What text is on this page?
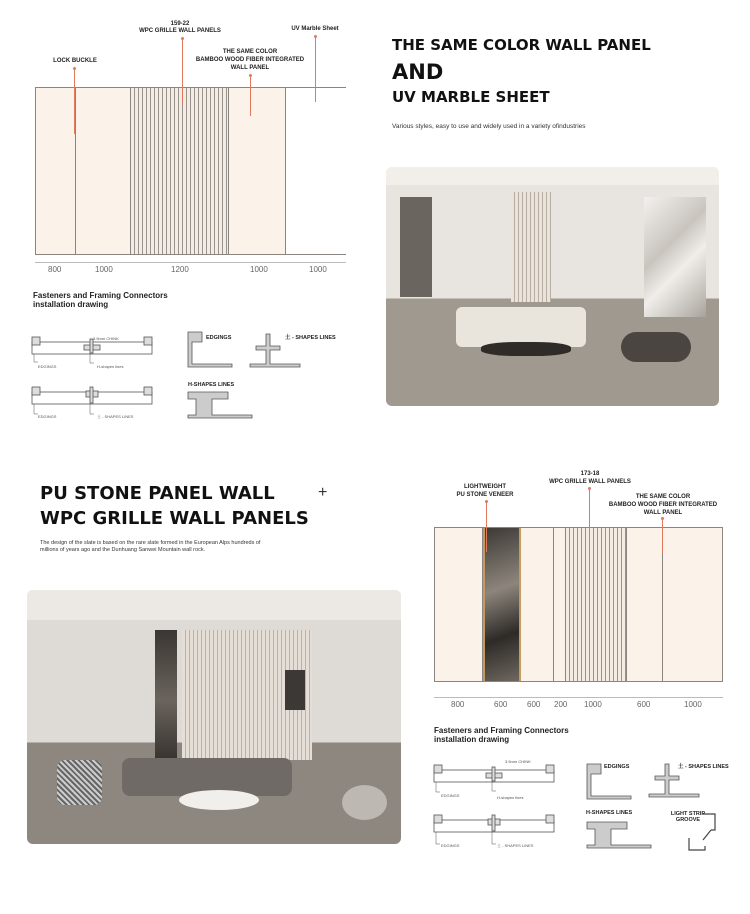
LOCK BUCKLE
159-22
WPC GRILLE WALL PANELS
THE SAME COLOR
BAMBOO WOOD FIBER INTEGRATED
WALL PANEL
UV Marble Sheet
800	1000	1200	1000	1000
Fasteners and Framing Connectors
installation drawing
3.5mm CHINK
EDGINGS	H-shapes lines
EDGINGS	土 - SHAPES LINES
EDGINGS	土 - SHAPES LINES
H-SHAPES LINES
THE SAME COLOR WALL PANEL
AND
UV MARBLE SHEET
Various styles, easy to use and widely used in a variety ofindustries
PU STONE PANEL WALL	+
WPC GRILLE WALL PANELS
The design of the slate is based on the rare slate formed in the European Alps hundreds of
millions of years ago and the Dunhuang Sanwei Mountain wall rock.
LIGHTWEIGHT
PU STONE VENEER
173-18
WPC GRILLE WALL PANELS
THE SAME COLOR
BAMBOO WOOD FIBER INTEGRATED
WALL PANEL
800	600 600 200 1000	600	1000
Fasteners and Framing Connectors
installation drawing
3.5mm CHINK
EDGINGS	H-shapes lines
EDGINGS	土 - SHAPES LINES
EDGINGS	土 - SHAPES LINES
H-SHAPES LINES	LIGHT STRIP
GROOVE
